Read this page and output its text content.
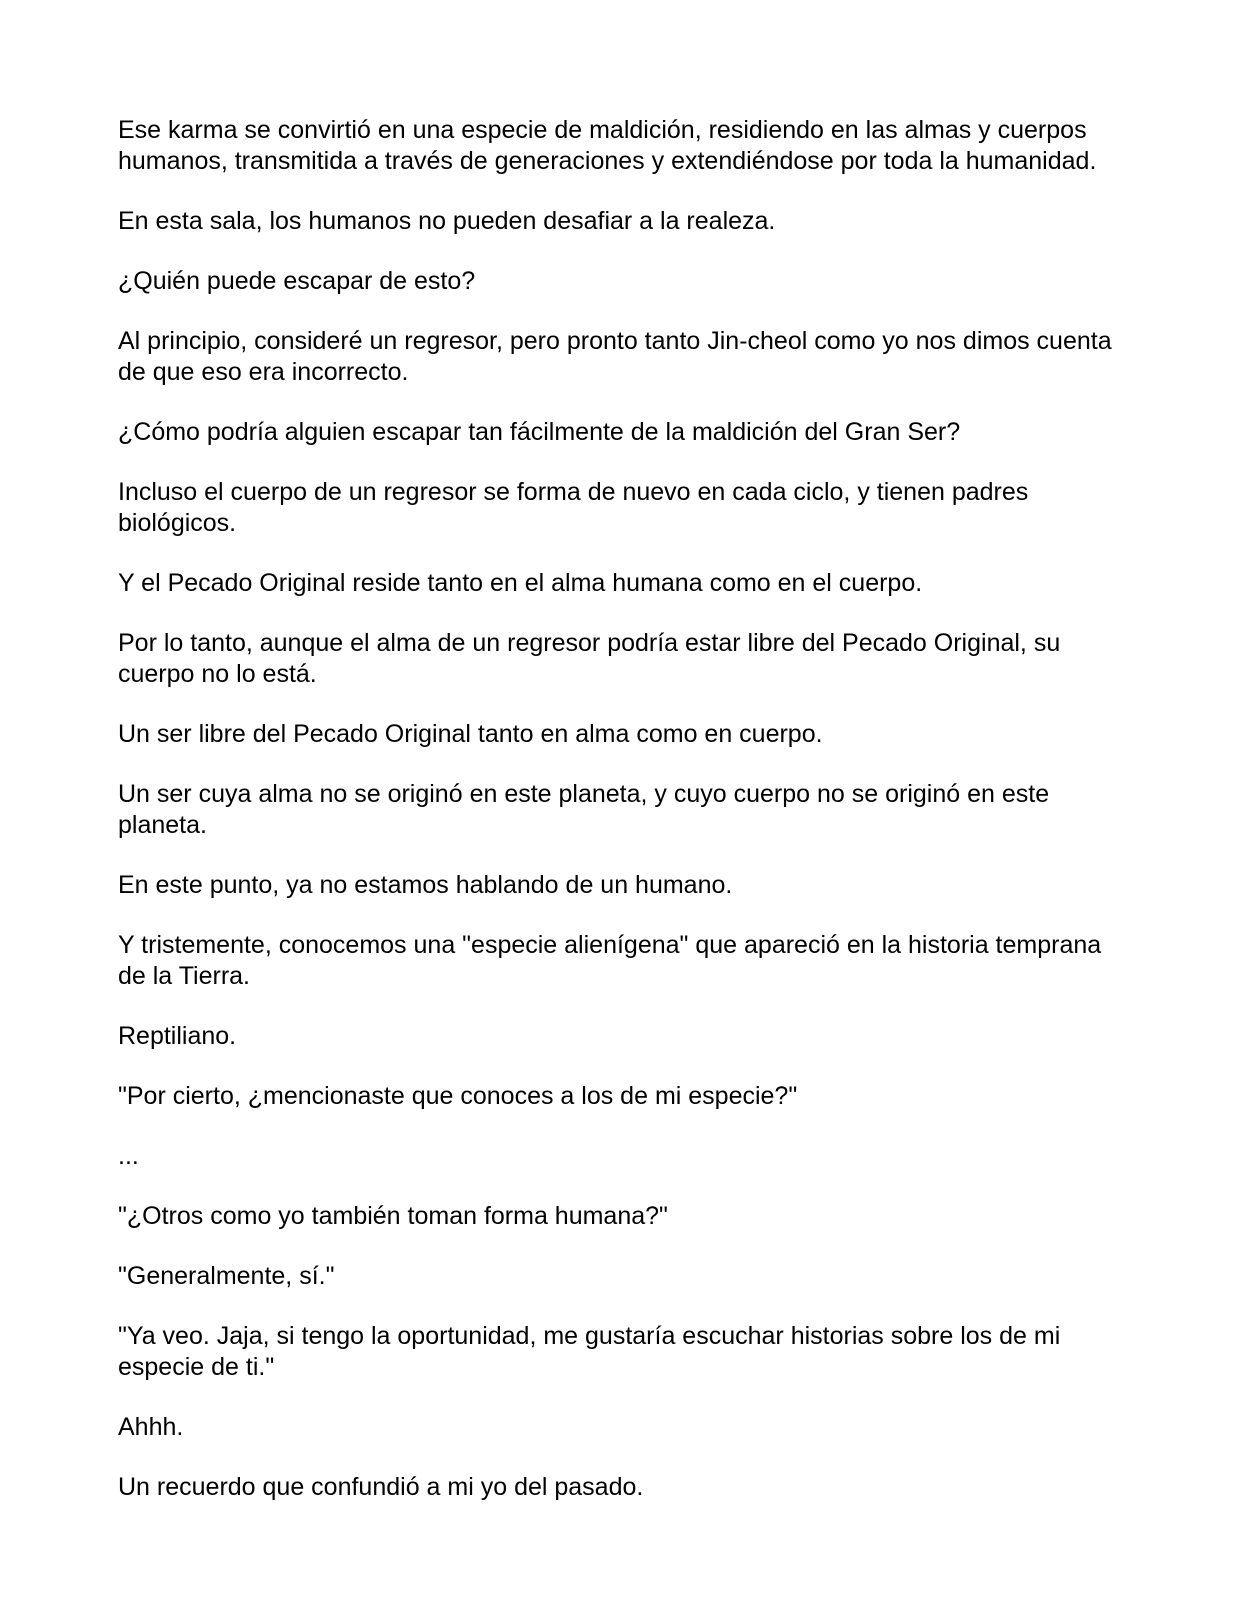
Ese karma se convirtió en una especie de maldición, residiendo en las almas y cuerpos humanos, transmitida a través de generaciones y extendiéndose por toda la humanidad.

En esta sala, los humanos no pueden desafiar a la realeza.

¿Quién puede escapar de esto?

Al principio, consideré un regresor, pero pronto tanto Jin-cheol como yo nos dimos cuenta de que eso era incorrecto.

¿Cómo podría alguien escapar tan fácilmente de la maldición del Gran Ser?

Incluso el cuerpo de un regresor se forma de nuevo en cada ciclo, y tienen padres biológicos.

Y el Pecado Original reside tanto en el alma humana como en el cuerpo.

Por lo tanto, aunque el alma de un regresor podría estar libre del Pecado Original, su cuerpo no lo está.

Un ser libre del Pecado Original tanto en alma como en cuerpo.

Un ser cuya alma no se originó en este planeta, y cuyo cuerpo no se originó en este planeta.

En este punto, ya no estamos hablando de un humano.

Y tristemente, conocemos una "especie alienígena" que apareció en la historia temprana de la Tierra.

Reptiliano.

"Por cierto, ¿mencionaste que conoces a los de mi especie?"

...

"¿Otros como yo también toman forma humana?"

"Generalmente, sí."

"Ya veo. Jaja, si tengo la oportunidad, me gustaría escuchar historias sobre los de mi especie de ti."

Ahhh.

Un recuerdo que confundió a mi yo del pasado.
